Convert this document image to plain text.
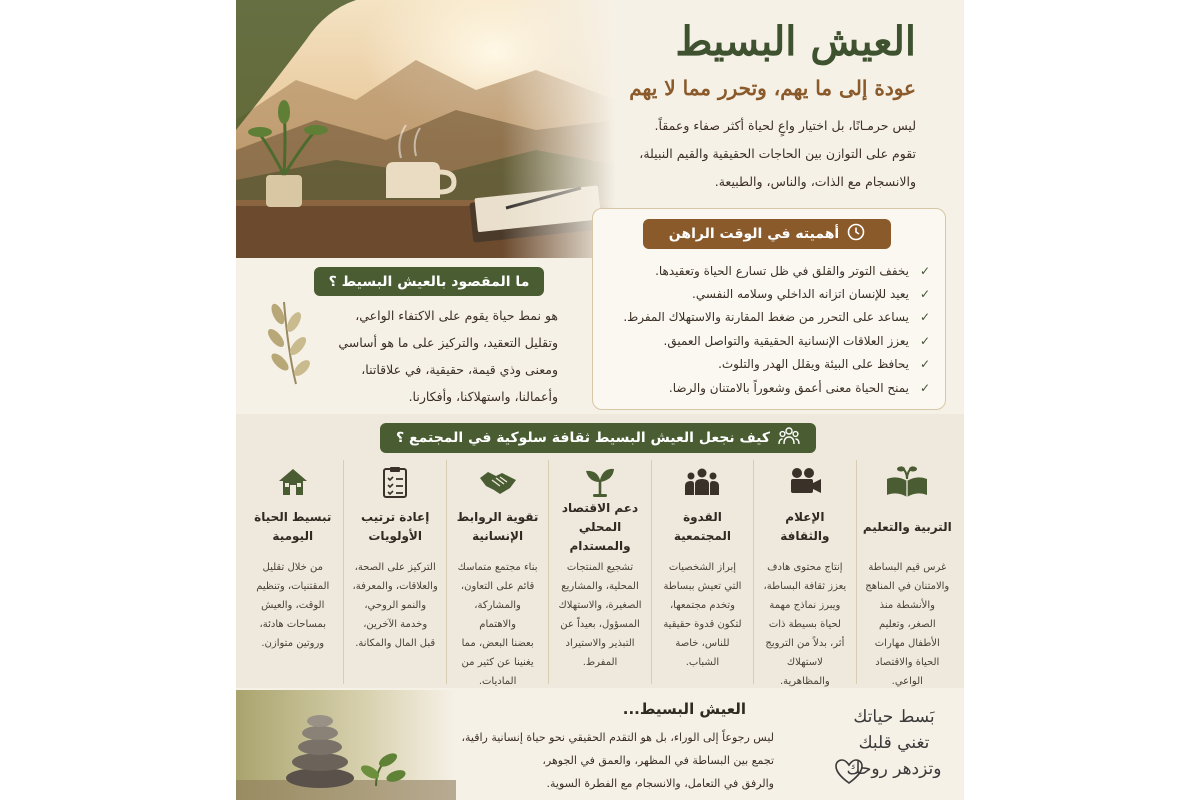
العيش البسيط
عودة إلى ما يهم، وتحرر مما لا يهم
ليس حرمـانًا، بل اختيار واعٍ لحياة أكثر صفاء وعمقاً.
تقوم على التوازن بين الحاجات الحقيقية والقيم النبيلة،
والانسجام مع الذات، والناس، والطبيعة.
أهميته في الوقت الراهن
✓
يخفف التوتر والقلق في ظل تسارع الحياة وتعقيدها.
✓
يعيد للإنسان اتزانه الداخلي وسلامه النفسي.
✓
يساعد على التحرر من ضغط المقارنة والاستهلاك المفرط.
✓
يعزز العلاقات الإنسانية الحقيقية والتواصل العميق.
✓
يحافظ على البيئة ويقلل الهدر والتلوث.
✓
يمنح الحياة معنى أعمق وشعوراً بالامتنان والرضا.
ما المقصود بالعيش البسيط ؟
هو نمط حياة يقوم على الاكتفاء الواعي،
وتقليل التعقيد، والتركيز على ما هو أساسي
ومعنى وذي قيمة، حقيقية، في علاقاتنا،
وأعمالنا، واستهلاكنا، وأفكارنا.
كيف نجعل العيش البسيط ثقافة سلوكية في المجتمع ؟
التربية والتعليم
غرس قيم البساطة
والامتنان في المناهج
والأنشطة منذ
الصغر، وتعليم
الأطفال مهارات
الحياة والاقتصاد
الواعي.
الإعلام والثقافة
إنتاج محتوى هادف
يعزز ثقافة البساطة،
ويبرز نماذج مهمة
لحياة بسيطة ذات
أثر، بدلاً من الترويج
لاستهلاك والمظاهرية.
القدوة المجتمعية
إبراز الشخصيات
التي تعيش ببساطة
وتخدم مجتمعها،
لتكون قدوة حقيقية
للناس، خاصة
الشباب.
دعم الاقتصاد المحلي والمستدام
تشجيع المنتجات
المحلية، والمشاريع
الصغيرة، والاستهلاك
المسؤول، بعيداً عن
التبذير والاستيراد
المفرط.
تقوية الروابط الإنسانية
بناء مجتمع متماسك
قائم على التعاون،
والمشاركة، والاهتمام
بعضنا البعض، مما
يغنينا عن كثير من
الماديات.
إعادة ترتيب الأولويات
التركيز على الصحة،
والعلاقات، والمعرفة،
والنمو الروحي،
وخدمة الآخرين،
قبل المال والمكانة.
تبسيط الحياة اليومية
من خلال تقليل
المقتنيات، وتنظيم
الوقت، والعيش
بمساحات هادئة،
وروتين متوازن.
العيش البسيط...
ليس رجوعاً إلى الوراء، بل هو التقدم الحقيقي نحو حياة إنسانية راقية،
تجمع بين البساطة في المظهر، والعمق في الجوهر،
والرفق في التعامل، والانسجام مع الفطرة السوية.
بَسط حياتك
تغني قلبك
وتزدهر روحك
